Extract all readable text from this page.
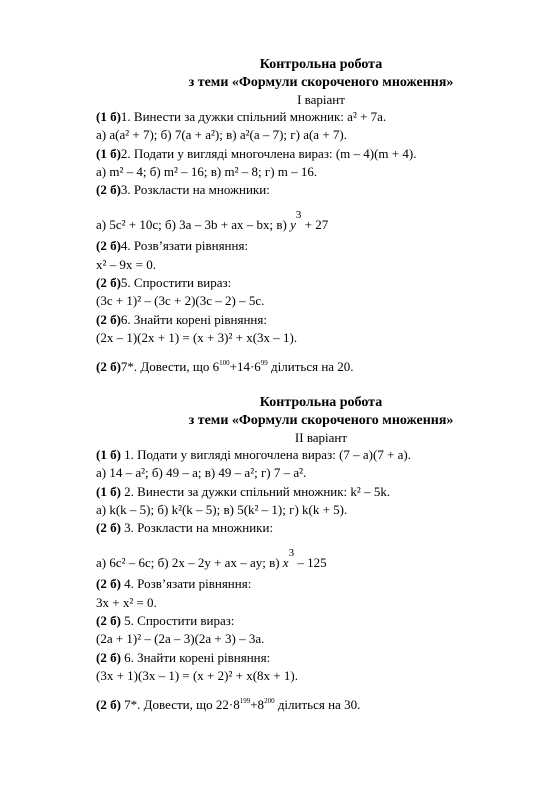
Контрольна робота
з теми «Формули скороченого множення»
I варіант
(1 б)1. Винести за дужки спільний множник: a² + 7a.
а) a(a² + 7); б) 7(a + a²); в) a²(a – 7); г) a(a + 7).
(1 б)2. Подати у вигляді многочлена вираз: (m – 4)(m + 4).
а) m² – 4; б) m² – 16; в) m² – 8; г) m – 16.
(2 б)3. Розкласти на множники:
а) 5c² + 10c; б) 3a – 3b + ax – bx; в) $y^3 + 27$
(2 б)4. Розв’язати рівняння:
x² – 9x = 0.
(2 б)5. Спростити вираз:
(3c + 1)² – (3c + 2)(3c – 2) – 5c.
(2 б)6. Знайти корені рівняння:
(2x – 1)(2x + 1) = (x + 3)² + x(3x – 1).
(2 б)7*. Довести, що $6^{100}+14\cdot 6^{99}$ ділиться на 20.
Контрольна робота
з теми «Формули скороченого множення»
II варіант
(1 б) 1. Подати у вигляді многочлена вираз: (7 – a)(7 + a).
а) 14 – a²; б) 49 – a; в) 49 – a²; г) 7 – a².
(1 б) 2. Винести за дужки спільний множник: k² – 5k.
а) k(k – 5); б) k²(k – 5); в) 5(k² – 1); г) k(k + 5).
(2 б) 3. Розкласти на множники:
а) 6c² – 6c; б) 2x – 2y + ax – ay; в) $x^3 - 125$
(2 б) 4. Розв’язати рівняння:
3x + x² = 0.
(2 б) 5. Спростити вираз:
(2a + 1)² – (2a – 3)(2a + 3) – 3a.
(2 б) 6. Знайти корені рівняння:
(3x + 1)(3x – 1) = (x + 2)² + x(8x + 1).
(2 б) 7*. Довести, що $22\cdot 8^{199}+8^{200}$ ділиться на 30.
